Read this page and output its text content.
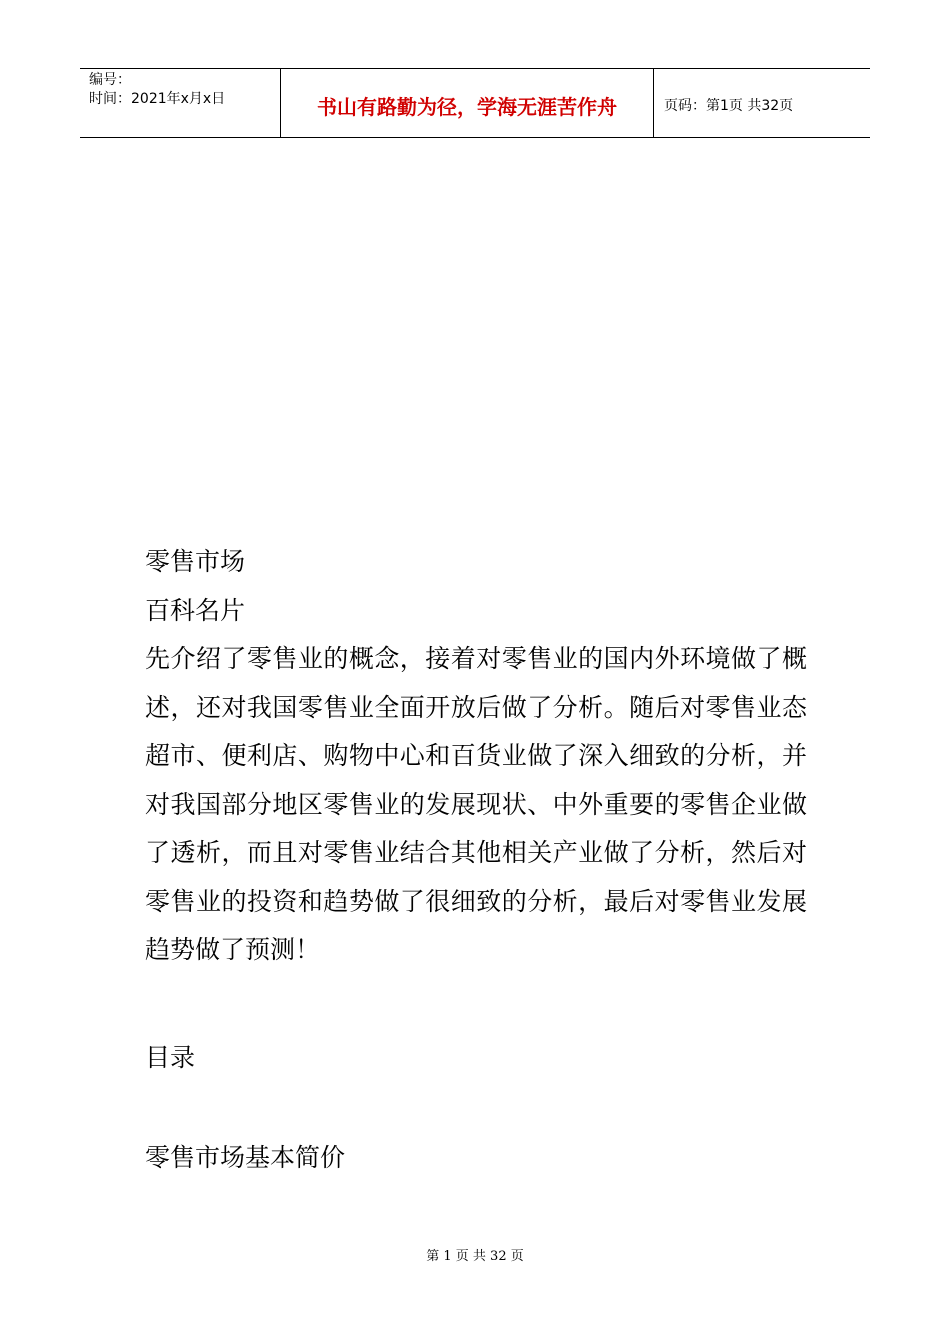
编号：
时间：2021年x月x日	书山有路勤为径，学海无涯苦作舟	页码：第1页 共32页

零售市场

百科名片

先介绍了零售业的概念，接着对零售业的国内外环境做了概述，还对我国零售业全面开放后做了分析。随后对零售业态超市、便利店、购物中心和百货业做了深入细致的分析，并对我国部分地区零售业的发展现状、中外重要的零售企业做了透析，而且对零售业结合其他相关产业做了分析，然后对零售业的投资和趋势做了很细致的分析，最后对零售业发展趋势做了预测！

目录
零售市场基本简价
第 1 页 共 32 页
